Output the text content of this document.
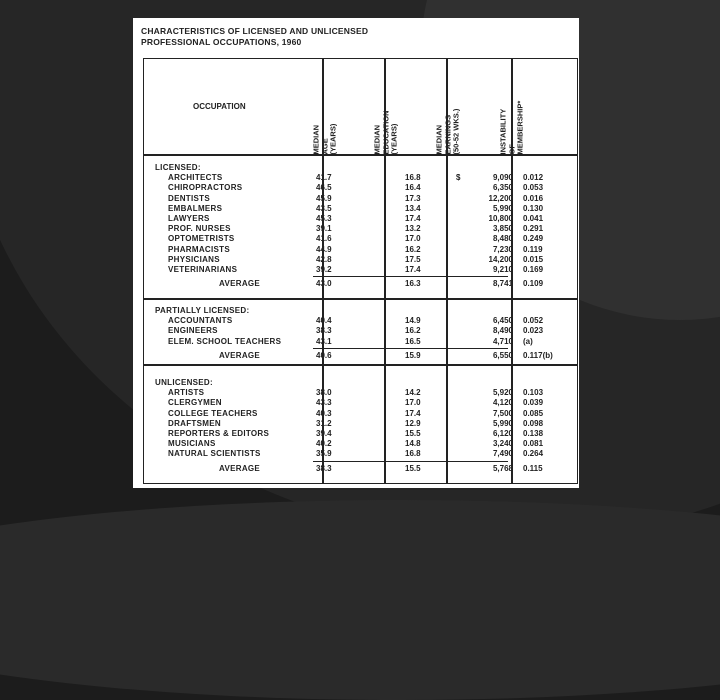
CHARACTERISTICS OF LICENSED AND UNLICENSED
PROFESSIONAL OCCUPATIONS, 1960
OCCUPATION
MEDIAN AGE (YEARS)	MEDIAN EDUCATION (YEARS)	MEDIAN EARNINGS (50-52 WKS.)	INSTABILITY OF MEMBERSHIP*
LICENSED:
ARCHITECTS	41.7	16.8	$	9,090 0.012
CHIROPRACTORS	46.5	16.4	6,350 0.053
DENTISTS	45.9	17.3	12,200 0.016
EMBALMERS	43.5	13.4	5,990 0.130
LAWYERS	45.3	17.4	10,800 0.041
PROF. NURSES	39.1	13.2	3,850 0.291
OPTOMETRISTS	41.6	17.0	8,480 0.249
PHARMACISTS	44.9	16.2	7,230 0.119
PHYSICIANS	42.8	17.5	14,200 0.015
VETERINARIANS	39.2	17.4	9,210 0.169
AVERAGE	43.0	16.3	8,741 0.109
PARTIALLY LICENSED:
ACCOUNTANTS	40.4	14.9	6,450 0.052
ENGINEERS	38.3	16.2	8,490 0.023
ELEM. SCHOOL TEACHERS	43.1	16.5	4,710 (a)
AVERAGE	40.6	15.9	6,550 0.117(b)
UNLICENSED:
ARTISTS	38.0	14.2	5,920 0.103
CLERGYMEN	43.3	17.0	4,120 0.039
COLLEGE TEACHERS	40.3	17.4	7,500 0.085
DRAFTSMEN	31.2	12.9	5,990 0.098
REPORTERS & EDITORS	39.4	15.5	6,120 0.138
MUSICIANS	40.2	14.8	3,240 0.081
NATURAL SCIENTISTS	35.9	16.8	7,490 0.264
AVERAGE	38.3	15.5	5,768 0.115
